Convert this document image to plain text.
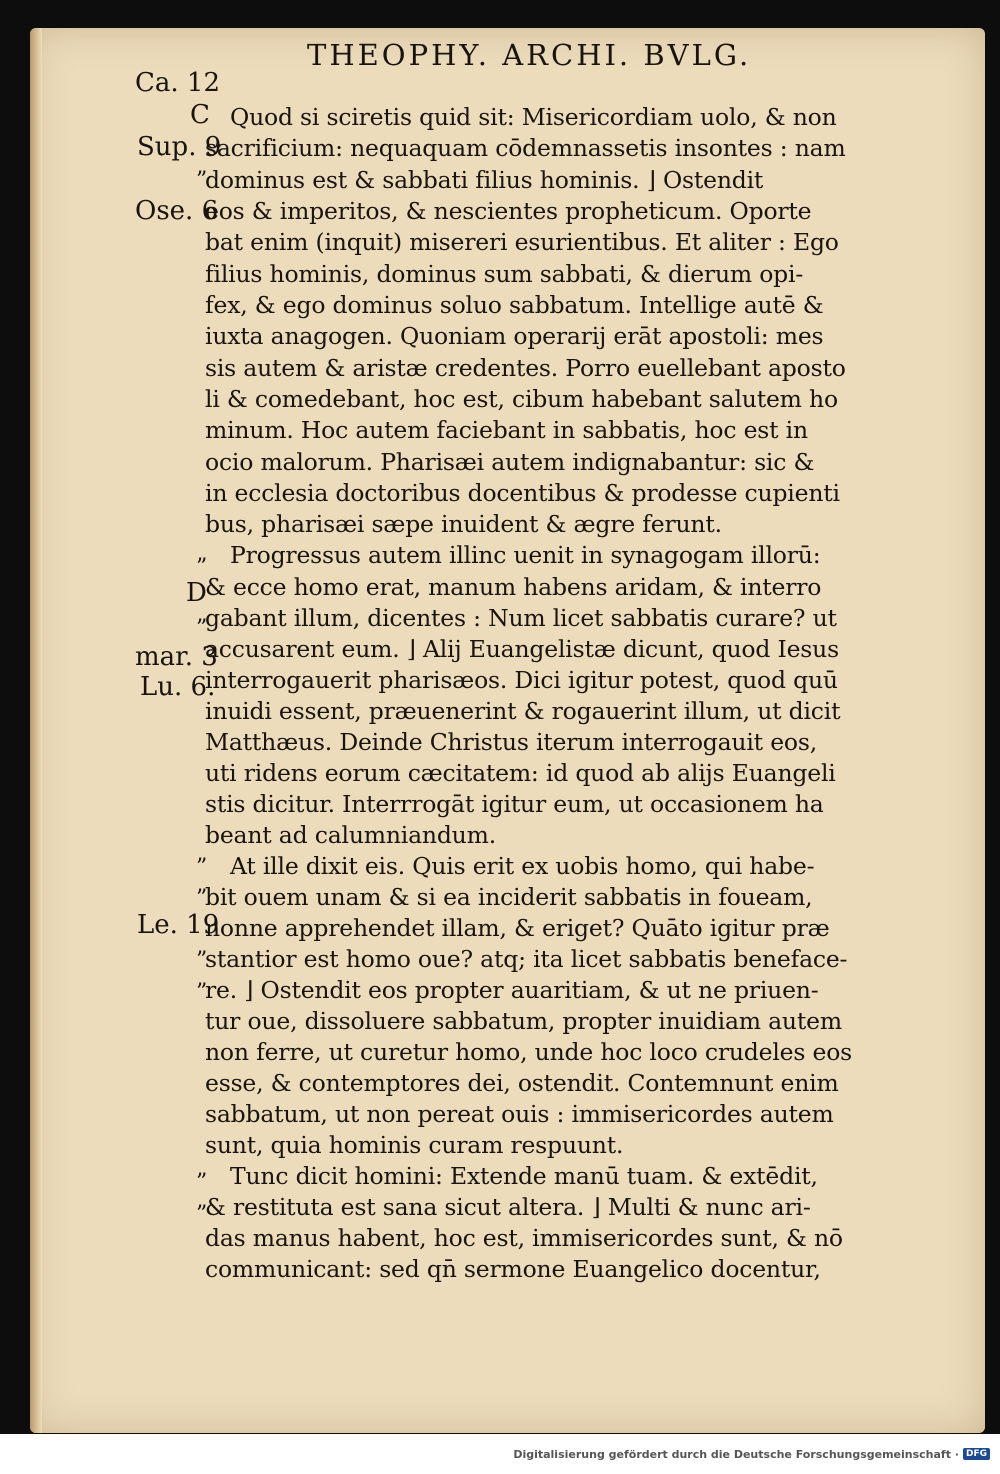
THEOPHY. ARCHI. BVLG.
Ca. 12
C
Sup. 9
”
Ose. 6
”
D
”
mar. 3
Lu. 6.
”
”
Le. 19
”
”
”
”
Quod si sciretis quid sit: Misericordiam uolo, & non
sacrificium: nequaquam cōdemnassetis insontes : nam
dominus est & sabbati filius hominis. ⌋ Ostendit
eos & imperitos, & nescientes propheticum. Oporte
bat enim (inquit) misereri esurientibus. Et aliter : Ego
filius hominis, dominus sum sabbati, & dierum opi-
fex, & ego dominus soluo sabbatum. Intellige autē &
iuxta anagogen. Quoniam operarij erāt apostoli: mes
sis autem & aristæ credentes. Porro euellebant aposto
li & comedebant, hoc est, cibum habebant salutem ho
minum. Hoc autem faciebant in sabbatis, hoc est in
ocio malorum. Pharisæi autem indignabantur: sic &
in ecclesia doctoribus docentibus & prodesse cupienti
bus, pharisæi sæpe inuident & ægre ferunt.
Progressus autem illinc uenit in synagogam illorū:
& ecce homo erat, manum habens aridam, & interro
gabant illum, dicentes : Num licet sabbatis curare? ut
accusarent eum. ⌋ Alij Euangelistæ dicunt, quod Iesus
interrogauerit pharisæos. Dici igitur potest, quod quū
inuidi essent, præuenerint & rogauerint illum, ut dicit
Matthæus. Deinde Christus iterum interrogauit eos,
uti ridens eorum cæcitatem: id quod ab alijs Euangeli
stis dicitur. Interrrogāt igitur eum, ut occasionem ha
beant ad calumniandum.
At ille dixit eis. Quis erit ex uobis homo, qui habe-
bit ouem unam & si ea inciderit sabbatis in foueam,
nonne apprehendet illam, & eriget? Quāto igitur præ
stantior est homo oue? atq; ita licet sabbatis beneface-
re. ⌋ Ostendit eos propter auaritiam, & ut ne priuen-
tur oue, dissoluere sabbatum, propter inuidiam autem
non ferre, ut curetur homo, unde hoc loco crudeles eos
esse, & contemptores dei, ostendit. Contemnunt enim
sabbatum, ut non pereat ouis : immisericordes autem
sunt, quia hominis curam respuunt.
Tunc dicit homini: Extende manū tuam. & extēdit,
& restituta est sana sicut altera. ⌋ Multi & nunc ari-
das manus habent, hoc est, immisericordes sunt, & nō
communicant: sed qn̄ sermone Euangelico docentur,
Digitalisierung gefördert durch die Deutsche Forschungsgemeinschaft · DFG
